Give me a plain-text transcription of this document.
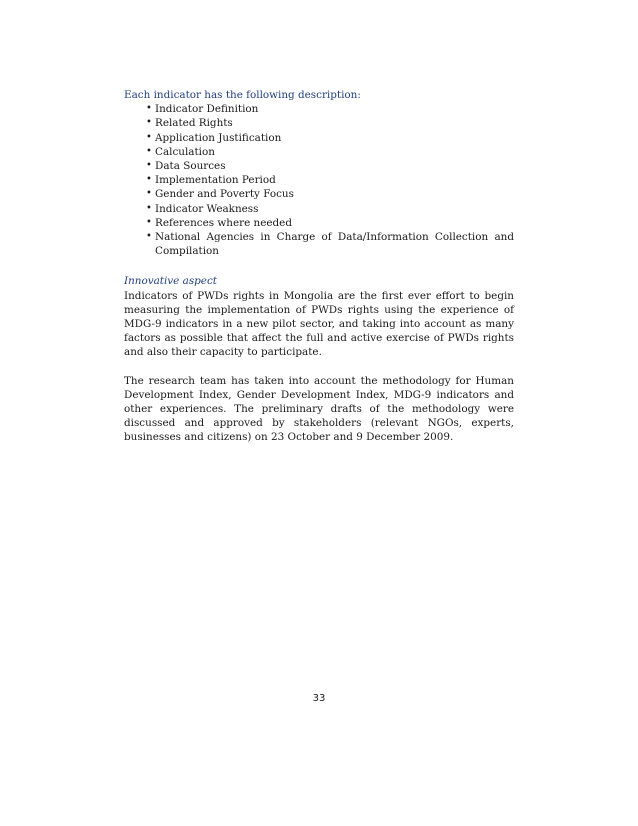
Each indicator has the following description:
• Indicator Definition
• Related Rights
• Application Justification
• Calculation
• Data Sources
• Implementation Period
• Gender and Poverty Focus
• Indicator Weakness
• References where needed
• National Agencies in Charge of Data/Information Collection and
Compilation
Innovative aspect

Indicators of PWDs rights in Mongolia are the first ever effort to begin measuring the implementation of PWDs rights using the experience of MDG-9 indicators in a new pilot sector, and taking into account as many factors as possible that affect the full and active exercise of PWDs rights and also their capacity to participate.

The research team has taken into account the methodology for Human Development Index, Gender Development Index, MDG-9 indicators and other experiences. The preliminary drafts of the methodology were discussed and approved by stakeholders (relevant NGOs, experts, businesses and citizens) on 23 October and 9 December 2009.

33
